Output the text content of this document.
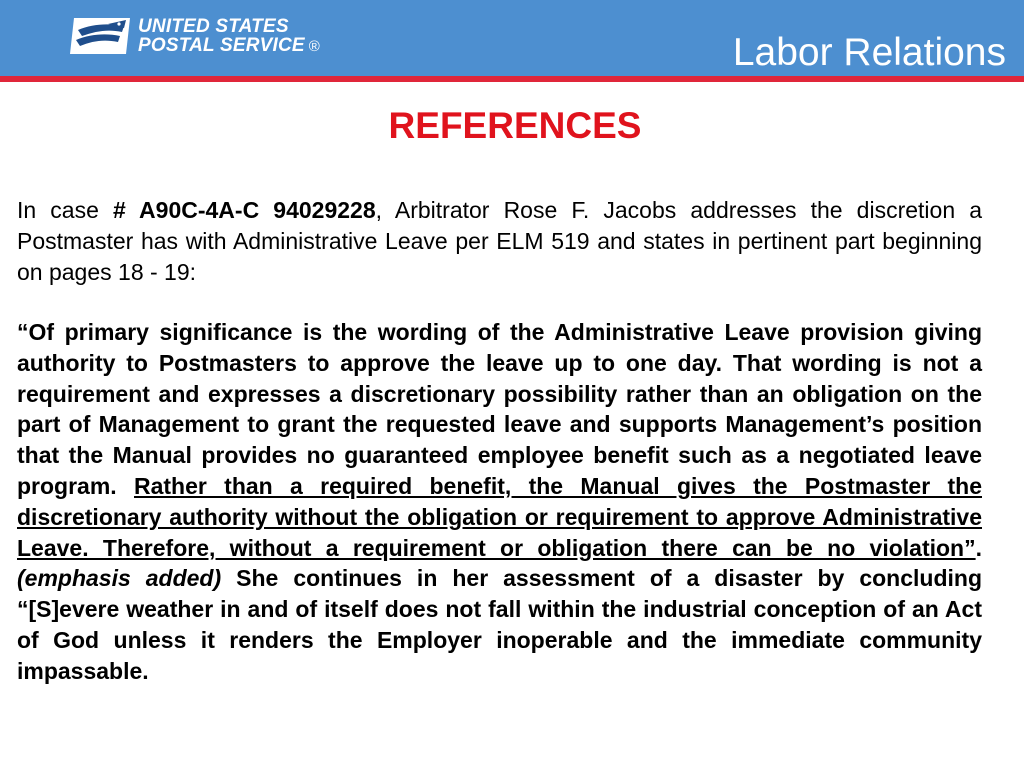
UNITED STATES
POSTAL SERVICE ®	Labor Relations
REFERENCES
In case # A90C-4A-C 94029228, Arbitrator Rose F. Jacobs addresses the discretion a Postmaster has with Administrative Leave per ELM 519 and states in pertinent part beginning on pages 18 - 19:
“Of primary significance is the wording of the Administrative Leave provision giving authority to Postmasters to approve the leave up to one day. That wording is not a requirement and expresses a discretionary possibility rather than an obligation on the part of Management to grant the requested leave and supports Management’s position that the Manual provides no guaranteed employee benefit such as a negotiated leave program. Rather than a required benefit, the Manual gives the Postmaster the discretionary authority without the obligation or requirement to approve Administrative Leave. Therefore, without a requirement or obligation there can be no violation”. (emphasis added) She continues in her assessment of a disaster by concluding “[S]evere weather in and of itself does not fall within the industrial conception of an Act of God unless it renders the Employer inoperable and the immediate community impassable.
